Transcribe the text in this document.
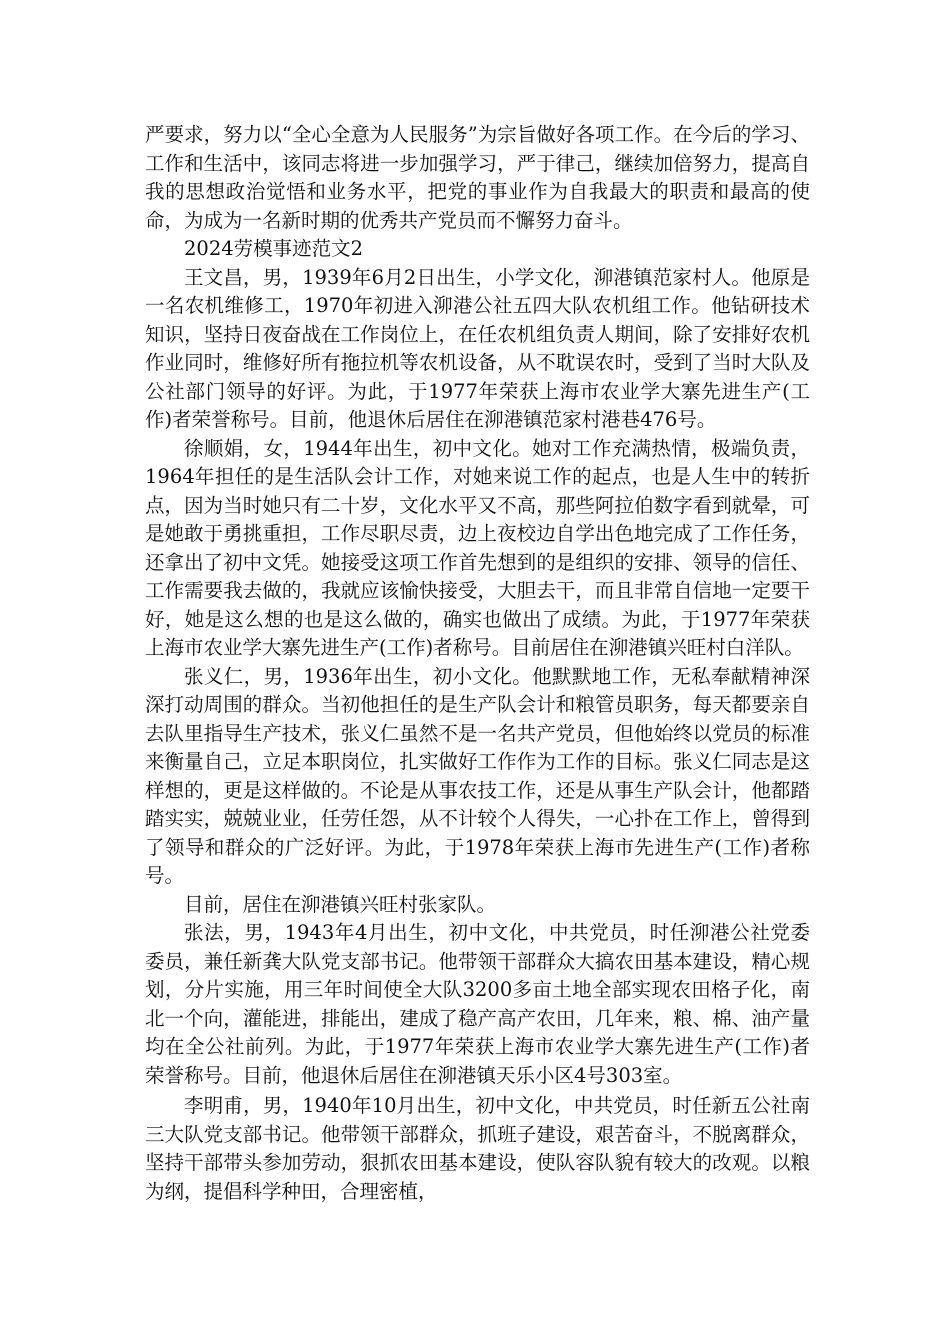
严要求，努力以“全心全意为人民服务”为宗旨做好各项工作。在今后的学习、工作和生活中，该同志将进一步加强学习，严于律己，继续加倍努力，提高自我的思想政治觉悟和业务水平，把党的事业作为自我最大的职责和最高的使命，为成为一名新时期的优秀共产党员而不懈努力奋斗。

2024劳模事迹范文2

王文昌，男，1939年6月2日出生，小学文化，泖港镇范家村人。他原是一名农机维修工，1970年初进入泖港公社五四大队农机组工作。他钻研技术知识，坚持日夜奋战在工作岗位上，在任农机组负责人期间，除了安排好农机作业同时，维修好所有拖拉机等农机设备，从不耽误农时，受到了当时大队及公社部门领导的好评。为此，于1977年荣获上海市农业学大寨先进生产(工作)者荣誉称号。目前，他退休后居住在泖港镇范家村港巷476号。

徐顺娟，女，1944年出生，初中文化。她对工作充满热情，极端负责，1964年担任的是生活队会计工作，对她来说工作的起点，也是人生中的转折点，因为当时她只有二十岁，文化水平又不高，那些阿拉伯数字看到就晕，可是她敢于勇挑重担，工作尽职尽责，边上夜校边自学出色地完成了工作任务，还拿出了初中文凭。她接受这项工作首先想到的是组织的安排、领导的信任、工作需要我去做的，我就应该愉快接受，大胆去干，而且非常自信地一定要干好，她是这么想的也是这么做的，确实也做出了成绩。为此，于1977年荣获上海市农业学大寨先进生产(工作)者称号。目前居住在泖港镇兴旺村白洋队。

张义仁，男，1936年出生，初小文化。他默默地工作，无私奉献精神深深打动周围的群众。当初他担任的是生产队会计和粮管员职务，每天都要亲自去队里指导生产技术，张义仁虽然不是一名共产党员，但他始终以党员的标准来衡量自己，立足本职岗位，扎实做好工作作为工作的目标。张义仁同志是这样想的，更是这样做的。不论是从事农技工作，还是从事生产队会计，他都踏踏实实，兢兢业业，任劳任怨，从不计较个人得失，一心扑在工作上，曾得到了领导和群众的广泛好评。为此，于1978年荣获上海市先进生产(工作)者称号。

目前，居住在泖港镇兴旺村张家队。

张法，男，1943年4月出生，初中文化，中共党员，时任泖港公社党委委员，兼任新龚大队党支部书记。他带领干部群众大搞农田基本建设，精心规划，分片实施，用三年时间使全大队3200多亩土地全部实现农田格子化，南北一个向，灌能进，排能出，建成了稳产高产农田，几年来，粮、棉、油产量均在全公社前列。为此，于1977年荣获上海市农业学大寨先进生产(工作)者荣誉称号。目前，他退休后居住在泖港镇天乐小区4号303室。

李明甫，男，1940年10月出生，初中文化，中共党员，时任新五公社南三大队党支部书记。他带领干部群众，抓班子建设，艰苦奋斗，不脱离群众，坚持干部带头参加劳动，狠抓农田基本建设，使队容队貌有较大的改观。以粮为纲，提倡科学种田，合理密植，
